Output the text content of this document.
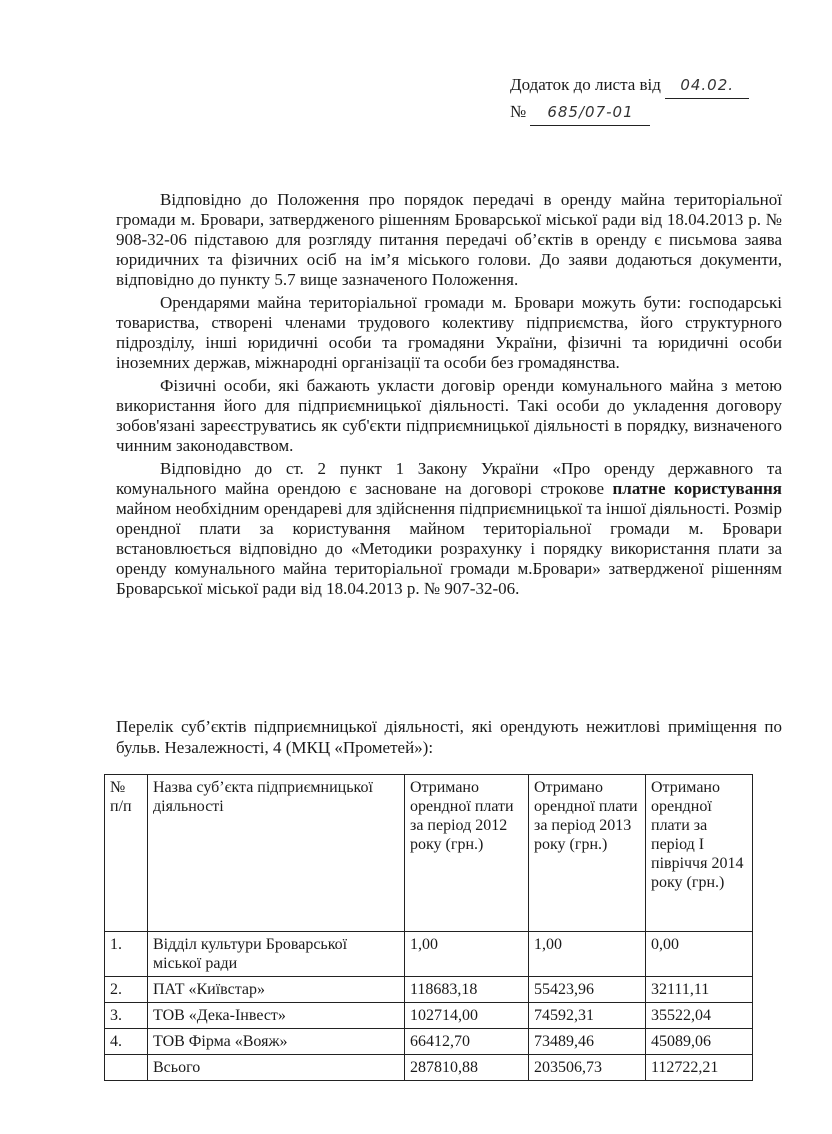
Додаток до листа від 04.02.
№ 685/07-01

Відповідно до Положення про порядок передачі в оренду майна територіальної громади м. Бровари, затвердженого рішенням Броварської міської ради від 18.04.2013 р. № 908-32-06 підставою для розгляду питання передачі об’єктів в оренду є письмова заява юридичних та фізичних осіб на ім’я міського голови. До заяви додаються документи, відповідно до пункту 5.7 вище зазначеного Положення.

Орендарями майна територіальної громади м. Бровари можуть бути: господарські товариства, створені членами трудового колективу підприємства, його структурного підрозділу, інші юридичні особи та громадяни України, фізичні та юридичні особи іноземних держав, міжнародні організації та особи без громадянства.

Фізичні особи, які бажають укласти договір оренди комунального майна з метою використання його для підприємницької діяльності. Такі особи до укладення договору зобов'язані зареєструватись як суб'єкти підприємницької діяльності в порядку, визначеного чинним законодавством.

Відповідно до ст. 2 пункт 1 Закону України «Про оренду державного та комунального майна орендою є засноване на договорі строкове платне користування майном необхідним орендареві для здійснення підприємницької та іншої діяльності. Розмір орендної плати за користування майном територіальної громади м. Бровари встановлюється відповідно до «Методики розрахунку і порядку використання плати за оренду комунального майна територіальної громади м.Бровари» затвердженої рішенням Броварської міської ради від 18.04.2013 р. № 907-32-06.

Перелік суб’єктів підприємницької діяльності, які орендують нежитлові приміщення по бульв. Незалежності, 4 (МКЦ «Прометей»):
№ п/п	Назва суб’єкта підприємницької діяльності	Отримано орендної плати за період 2012 року (грн.)	Отримано орендної плати за період 2013 року (грн.)	Отримано орендної плати за період І півріччя 2014 року (грн.)
1.	Відділ культури Броварської міської ради	1,00	1,00	0,00
2.	ПАТ «Київстар»	118683,18	55423,96	32111,11
3.	ТОВ «Дека-Інвест»	102714,00	74592,31	35522,04
4.	ТОВ Фірма «Вояж»	66412,70	73489,46	45089,06
	Всього	287810,88	203506,73	112722,21
